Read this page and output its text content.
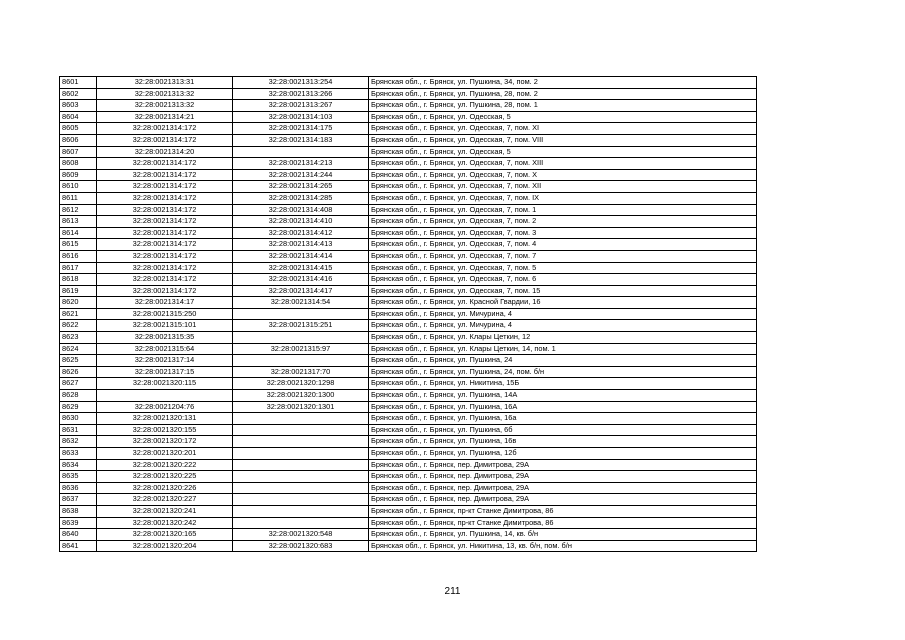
8601	32:28:0021313:31	32:28:0021313:254	Брянская обл., г. Брянск, ул. Пушкина, 34, пом. 2
8602	32:28:0021313:32	32:28:0021313:266	Брянская обл., г. Брянск, ул. Пушкина, 28, пом. 2
8603	32:28:0021313:32	32:28:0021313:267	Брянская обл., г. Брянск, ул. Пушкина, 28, пом. 1
8604	32:28:0021314:21	32:28:0021314:103	Брянская обл., г. Брянск, ул. Одесская, 5
8605	32:28:0021314:172	32:28:0021314:175	Брянская обл., г. Брянск, ул. Одесская, 7, пом. XI
8606	32:28:0021314:172	32:28:0021314:183	Брянская обл., г. Брянск, ул. Одесская, 7, пом. VIII
8607	32:28:0021314:20		Брянская обл., г. Брянск, ул. Одесская, 5
8608	32:28:0021314:172	32:28:0021314:213	Брянская обл., г. Брянск, ул. Одесская, 7, пом. XIII
8609	32:28:0021314:172	32:28:0021314:244	Брянская обл., г. Брянск, ул. Одесская, 7, пом. X
8610	32:28:0021314:172	32:28:0021314:265	Брянская обл., г. Брянск, ул. Одесская, 7, пом. XII
8611	32:28:0021314:172	32:28:0021314:285	Брянская обл., г. Брянск, ул. Одесская, 7, пом. IX
8612	32:28:0021314:172	32:28:0021314:408	Брянская обл., г. Брянск, ул. Одесская, 7, пом. 1
8613	32:28:0021314:172	32:28:0021314:410	Брянская обл., г. Брянск, ул. Одесская, 7, пом. 2
8614	32:28:0021314:172	32:28:0021314:412	Брянская обл., г. Брянск, ул. Одесская, 7, пом. 3
8615	32:28:0021314:172	32:28:0021314:413	Брянская обл., г. Брянск, ул. Одесская, 7, пом. 4
8616	32:28:0021314:172	32:28:0021314:414	Брянская обл., г. Брянск, ул. Одесская, 7, пом. 7
8617	32:28:0021314:172	32:28:0021314:415	Брянская обл., г. Брянск, ул. Одесская, 7, пом. 5
8618	32:28:0021314:172	32:28:0021314:416	Брянская обл., г. Брянск, ул. Одесская, 7, пом. 6
8619	32:28:0021314:172	32:28:0021314:417	Брянская обл., г. Брянск, ул. Одесская, 7, пом. 15
8620	32:28:0021314:17	32:28:0021314:54	Брянская обл., г. Брянск, ул. Красной Гвардии, 16
8621	32:28:0021315:250		Брянская обл., г. Брянск, ул. Мичурина, 4
8622	32:28:0021315:101	32:28:0021315:251	Брянская обл., г. Брянск, ул. Мичурина, 4
8623	32:28:0021315:35		Брянская обл., г. Брянск, ул. Клары Цеткин, 12
8624	32:28:0021315:64	32:28:0021315:97	Брянская обл., г. Брянск, ул. Клары Цеткин, 14, пом. 1
8625	32:28:0021317:14		Брянская обл., г. Брянск, ул. Пушкина, 24
8626	32:28:0021317:15	32:28:0021317:70	Брянская обл., г. Брянск, ул. Пушкина, 24, пом. б/н
8627	32:28:0021320:115	32:28:0021320:1298	Брянская обл., г. Брянск, ул. Никитина, 15Б
8628		32:28:0021320:1300	Брянская обл., г. Брянск, ул. Пушкина, 14А
8629	32:28:0021204:76	32:28:0021320:1301	Брянская обл., г. Брянск, ул. Пушкина, 16А
8630	32:28:0021320:131		Брянская обл., г. Брянск, ул. Пушкина, 16а
8631	32:28:0021320:155		Брянская обл., г. Брянск, ул. Пушкина, 6б
8632	32:28:0021320:172		Брянская обл., г. Брянск, ул. Пушкина, 16в
8633	32:28:0021320:201		Брянская обл., г. Брянск, ул. Пушкина, 12б
8634	32:28:0021320:222		Брянская обл., г. Брянск, пер. Димитрова, 29А
8635	32:28:0021320:225		Брянская обл., г. Брянск, пер. Димитрова, 29А
8636	32:28:0021320:226		Брянская обл., г. Брянск, пер. Димитрова, 29А
8637	32:28:0021320:227		Брянская обл., г. Брянск, пер. Димитрова, 29А
8638	32:28:0021320:241		Брянская обл., г. Брянск, пр-кт Станке Димитрова, 86
8639	32:28:0021320:242		Брянская обл., г. Брянск, пр-кт Станке Димитрова, 86
8640	32:28:0021320:165	32:28:0021320:548	Брянская обл., г. Брянск, ул. Пушкина, 14, кв. б/н
8641	32:28:0021320:204	32:28:0021320:683	Брянская обл., г. Брянск, ул. Никитина, 13, кв. б/н, пом. б/н
211
